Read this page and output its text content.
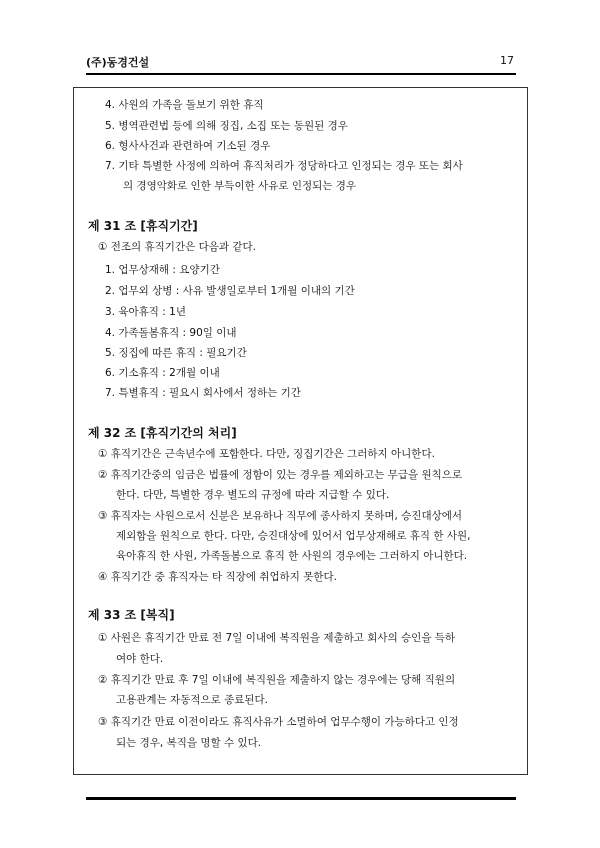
(주)동경건설	17
4. 사원의 가족을 돌보기 위한 휴직
5. 병역관련법 등에 의해 징집, 소집 또는 동원된 경우
6. 형사사건과 관련하여 기소된 경우
7. 기타 특별한 사정에 의하여 휴직처리가 정당하다고 인정되는 경우 또는 회사
의 경영악화로 인한 부득이한 사유로 인정되는 경우
제 31 조 [휴직기간]
① 전조의 휴직기간은 다음과 같다.
1. 업무상재해 : 요양기간
2. 업무외 상병 : 사유 발생일로부터 1개월 이내의 기간
3. 육아휴직 : 1년
4. 가족돌봄휴직 : 90일 이내
5. 징집에 따른 휴직 : 필요기간
6. 기소휴직 : 2개월 이내
7. 특별휴직 : 필요시 회사에서 정하는 기간
제 32 조 [휴직기간의 처리]
① 휴직기간은 근속년수에 포함한다. 다만, 징집기간은 그러하지 아니한다.
② 휴직기간중의 임금은 법률에 정함이 있는 경우를 제외하고는 무급을 원칙으로
한다. 다만, 특별한 경우 별도의 규정에 따라 지급할 수 있다.
③ 휴직자는 사원으로서 신분은 보유하나 직무에 종사하지 못하며, 승진대상에서
제외함을 원칙으로 한다. 다만, 승진대상에 있어서 업무상재해로 휴직 한 사원,
육아휴직 한 사원, 가족돌봄으로 휴직 한 사원의 경우에는 그러하지 아니한다.
④ 휴직기간 중 휴직자는 타 직장에 취업하지 못한다.
제 33 조 [복직]
① 사원은 휴직기간 만료 전 7일 이내에 복직원을 제출하고 회사의 승인을 득하
여야 한다.
② 휴직기간 만료 후 7일 이내에 복직원을 제출하지 않는 경우에는 당해 직원의
고용관계는 자동적으로 종료된다.
③ 휴직기간 만료 이전이라도 휴직사유가 소멸하여 업무수행이 가능하다고 인정
되는 경우, 복직을 명할 수 있다.
